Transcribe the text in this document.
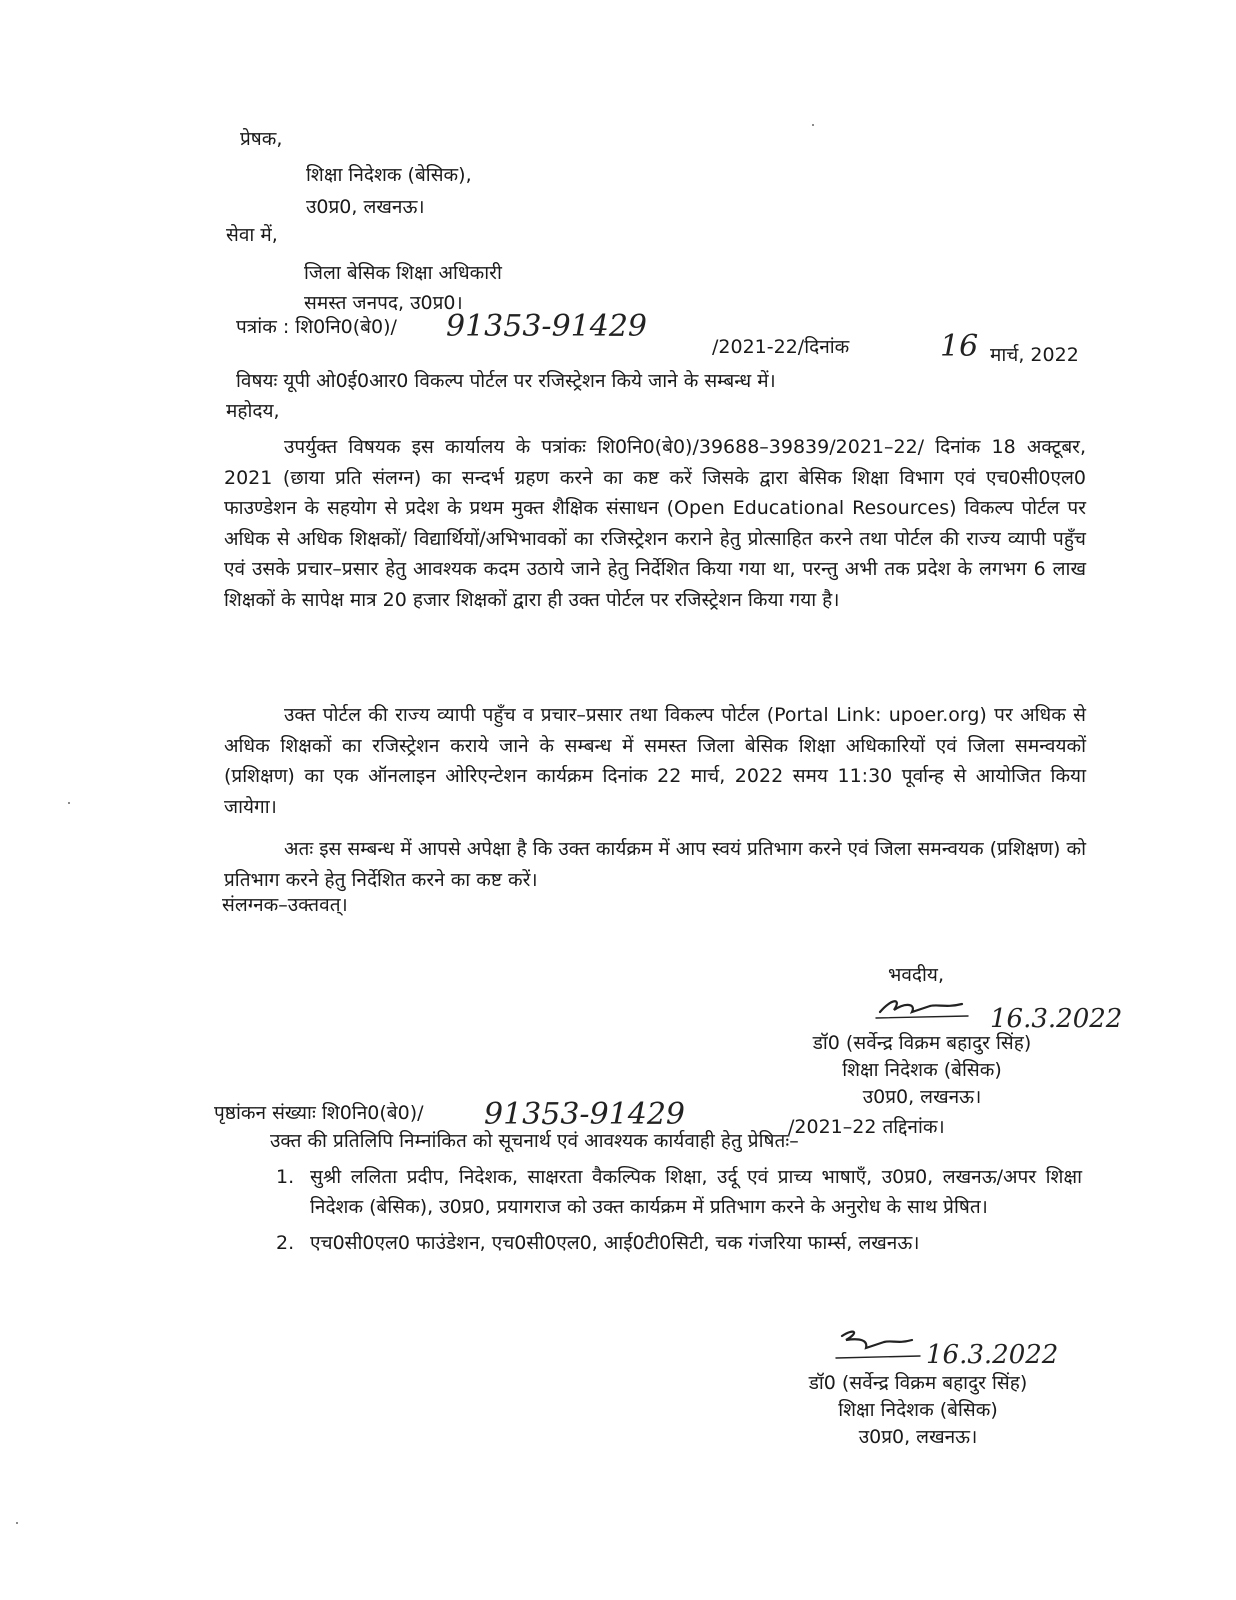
प्रेषक,
शिक्षा निदेशक (बेसिक),
उ0प्र0, लखनऊ।
सेवा में,
जिला बेसिक शिक्षा अधिकारी
समस्त जनपद, उ0प्र0।
पत्रांक : शि0नि0(बे0)/ 91353-91429
/2021-22/दिनांक	16 मार्च, 2022
विषयः यूपी ओ0ई0आर0 विकल्प पोर्टल पर रजिस्ट्रेशन किये जाने के सम्बन्ध में।
महोदय,

उपर्युक्त विषयक इस कार्यालय के पत्रांकः शि0नि0(बे0)/39688–39839/2021–22/ दिनांक 18 अक्टूबर, 2021 (छाया प्रति संलग्न) का सन्दर्भ ग्रहण करने का कष्ट करें जिसके द्वारा बेसिक शिक्षा विभाग एवं एच0सी0एल0 फाउण्डेशन के सहयोग से प्रदेश के प्रथम मुक्त शैक्षिक संसाधन (Open Educational Resources) विकल्प पोर्टल पर अधिक से अधिक शिक्षकों/ विद्यार्थियों/अभिभावकों का रजिस्ट्रेशन कराने हेतु प्रोत्साहित करने तथा पोर्टल की राज्य व्यापी पहुँच एवं उसके प्रचार–प्रसार हेतु आवश्यक कदम उठाये जाने हेतु निर्देशित किया गया था, परन्तु अभी तक प्रदेश के लगभग 6 लाख शिक्षकों के सापेक्ष मात्र 20 हजार शिक्षकों द्वारा ही उक्त पोर्टल पर रजिस्ट्रेशन किया गया है।

उक्त पोर्टल की राज्य व्यापी पहुँच व प्रचार–प्रसार तथा विकल्प पोर्टल (Portal Link: upoer.org) पर अधिक से अधिक शिक्षकों का रजिस्ट्रेशन कराये जाने के सम्बन्ध में समस्त जिला बेसिक शिक्षा अधिकारियों एवं जिला समन्वयकों (प्रशिक्षण) का एक ऑनलाइन ओरिएन्टेशन कार्यक्रम दिनांक 22 मार्च, 2022 समय 11:30 पूर्वान्ह से आयोजित किया जायेगा।

अतः इस सम्बन्ध में आपसे अपेक्षा है कि उक्त कार्यक्रम में आप स्वयं प्रतिभाग करने एवं जिला समन्वयक (प्रशिक्षण) को प्रतिभाग करने हेतु निर्देशित करने का कष्ट करें।

संलग्नक–उक्तवत्।
भवदीय,
16.3.2022
डॉ0 (सर्वेन्द्र विक्रम बहादुर सिंह)
शिक्षा निदेशक (बेसिक)
उ0प्र0, लखनऊ।
पृष्ठांकन संख्याः शि0नि0(बे0)/ 91353-91429	/2021–22 तद्दिनांक।
उक्त की प्रतिलिपि निम्नांकित को सूचनार्थ एवं आवश्यक कार्यवाही हेतु प्रेषितः–
1. सुश्री ललिता प्रदीप, निदेशक, साक्षरता वैकल्पिक शिक्षा, उर्दू एवं प्राच्य भाषाएँ, उ0प्र0, लखनऊ/अपर शिक्षा निदेशक (बेसिक), उ0प्र0, प्रयागराज को उक्त कार्यक्रम में प्रतिभाग करने के अनुरोध के साथ प्रेषित।
2. एच0सी0एल0 फाउंडेशन, एच0सी0एल0, आई0टी0सिटी, चक गंजरिया फार्म्स, लखनऊ।
16.3.2022
डॉ0 (सर्वेन्द्र विक्रम बहादुर सिंह)
शिक्षा निदेशक (बेसिक)
उ0प्र0, लखनऊ।
